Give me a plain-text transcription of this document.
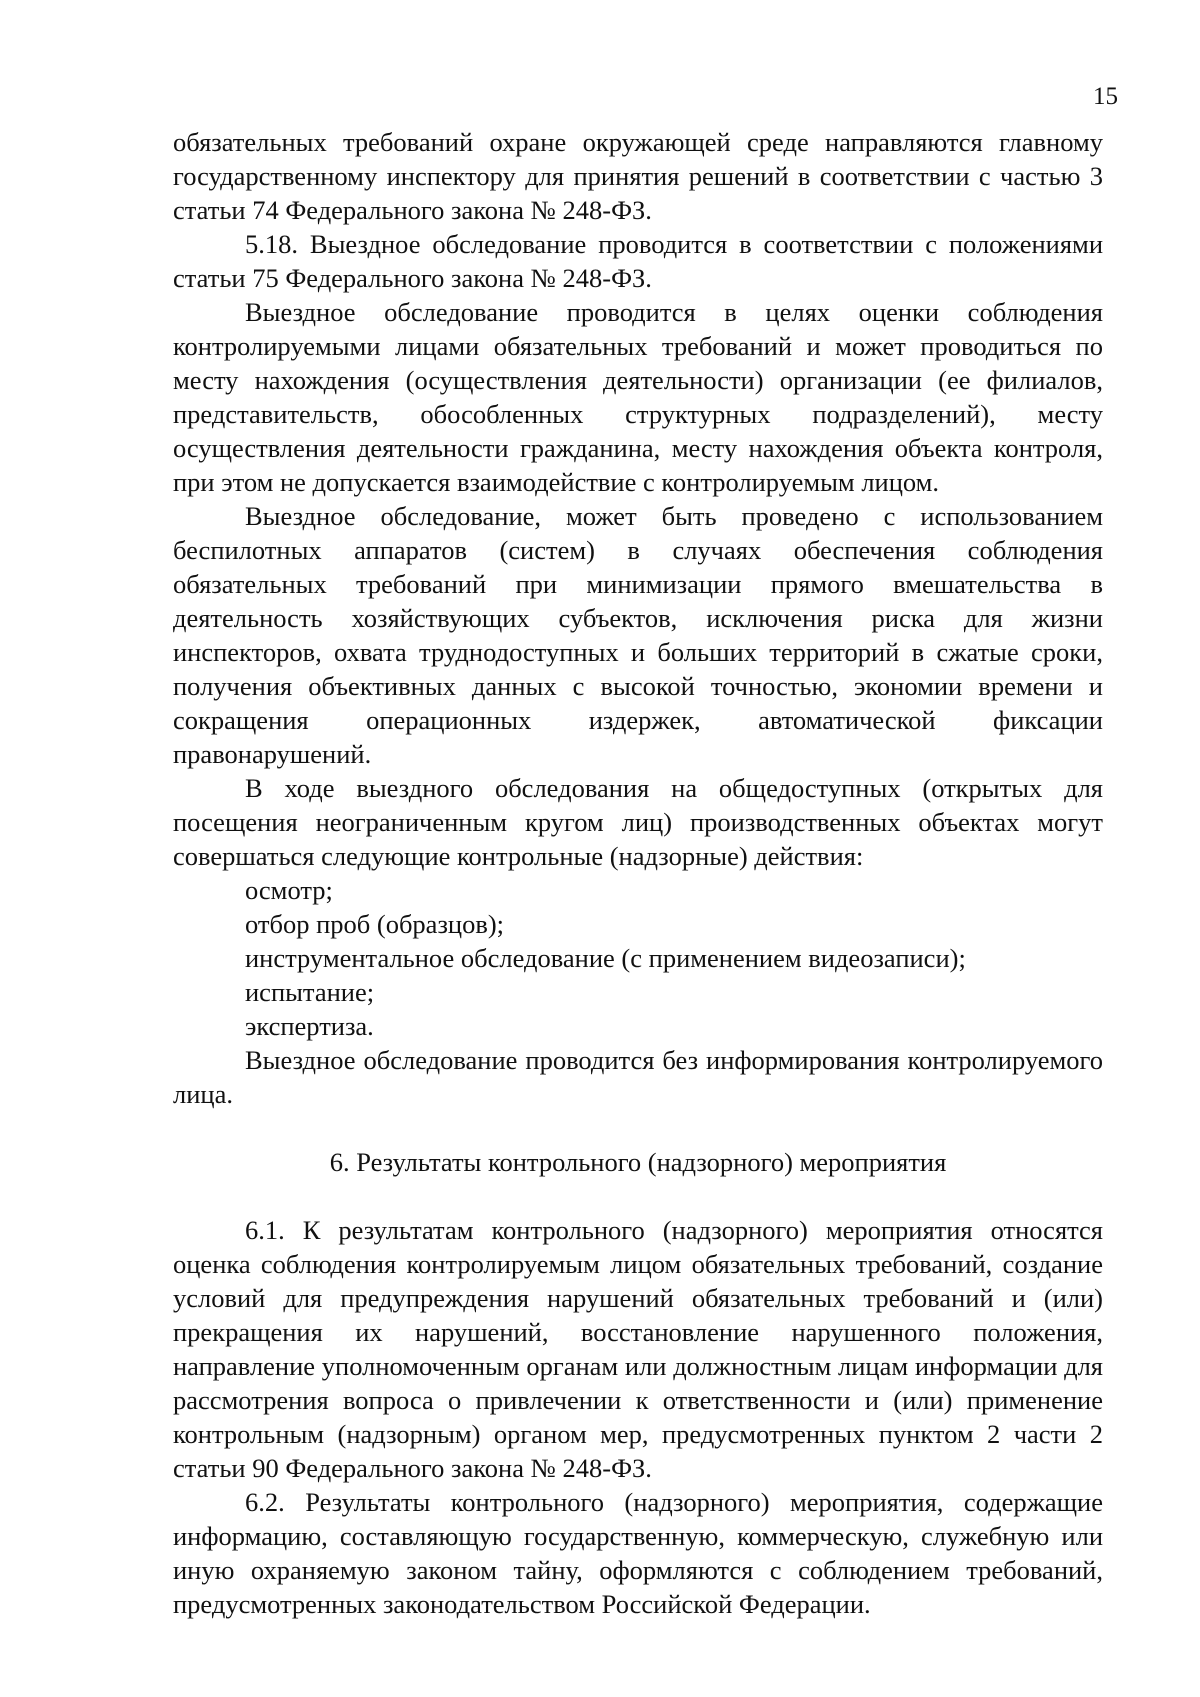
15

обязательных требований охране окружающей среде направляются главному государственному инспектору для принятия решений в соответствии с частью 3 статьи 74 Федерального закона № 248-ФЗ.

5.18. Выездное обследование проводится в соответствии с положениями статьи 75 Федерального закона № 248-ФЗ.

Выездное обследование проводится в целях оценки соблюдения контролируемыми лицами обязательных требований и может проводиться по месту нахождения (осуществления деятельности) организации (ее филиалов, представительств, обособленных структурных подразделений), месту осуществления деятельности гражданина, месту нахождения объекта контроля, при этом не допускается взаимодействие с контролируемым лицом.

Выездное обследование, может быть проведено с использованием беспилотных аппаратов (систем) в случаях обеспечения соблюдения обязательных требований при минимизации прямого вмешательства в деятельность хозяйствующих субъектов, исключения риска для жизни инспекторов, охвата труднодоступных и больших территорий в сжатые сроки, получения объективных данных с высокой точностью, экономии времени и сокращения операционных издержек, автоматической фиксации правонарушений.

В ходе выездного обследования на общедоступных (открытых для посещения неограниченным кругом лиц) производственных объектах могут совершаться следующие контрольные (надзорные) действия:

осмотр;

отбор проб (образцов);

инструментальное обследование (с применением видеозаписи);

испытание;

экспертиза.

Выездное обследование проводится без информирования контролируемого лица.

6. Результаты контрольного (надзорного) мероприятия

6.1. К результатам контрольного (надзорного) мероприятия относятся оценка соблюдения контролируемым лицом обязательных требований, создание условий для предупреждения нарушений обязательных требований и (или) прекращения их нарушений, восстановление нарушенного положения, направление уполномоченным органам или должностным лицам информации для рассмотрения вопроса о привлечении к ответственности и (или) применение контрольным (надзорным) органом мер, предусмотренных пунктом 2 части 2 статьи 90 Федерального закона № 248-ФЗ.

6.2. Результаты контрольного (надзорного) мероприятия, содержащие информацию, составляющую государственную, коммерческую, служебную или иную охраняемую законом тайну, оформляются с соблюдением требований, предусмотренных законодательством Российской Федерации.
